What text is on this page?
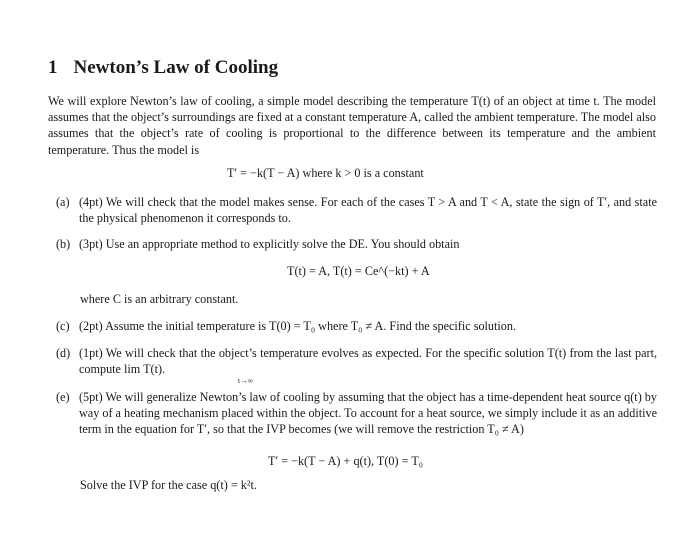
1 Newton’s Law of Cooling
We will explore Newton’s law of cooling, a simple model describing the temperature T(t) of an object at time t. The model assumes that the object’s surroundings are fixed at a constant temperature A, called the ambient temperature. The model also assumes that the object’s rate of cooling is proportional to the difference between its temperature and the ambient temperature. Thus the model is
T′ = −k(T − A) where k > 0 is a constant
(a) (4pt) We will check that the model makes sense. For each of the cases T > A and T < A, state the sign of T′, and state the physical phenomenon it corresponds to.
(b) (3pt) Use an appropriate method to explicitly solve the DE. You should obtain
T(t) = A, T(t) = Ce^(−kt) + A
where C is an arbitrary constant.
(c) (2pt) Assume the initial temperature is T(0) = T₀ where T₀ ≠ A. Find the specific solution.
(d) (1pt) We will check that the object’s temperature evolves as expected. For the specific solution T(t) from the last part, compute lim T(t).
t→∞
(e) (5pt) We will generalize Newton’s law of cooling by assuming that the object has a time-dependent heat source q(t) by way of a heating mechanism placed within the object. To account for a heat source, we simply include it as an additive term in the equation for T′, so that the IVP becomes (we will remove the restriction T₀ ≠ A)
T′ = −k(T − A) + q(t), T(0) = T₀
Solve the IVP for the case q(t) = k²t.
